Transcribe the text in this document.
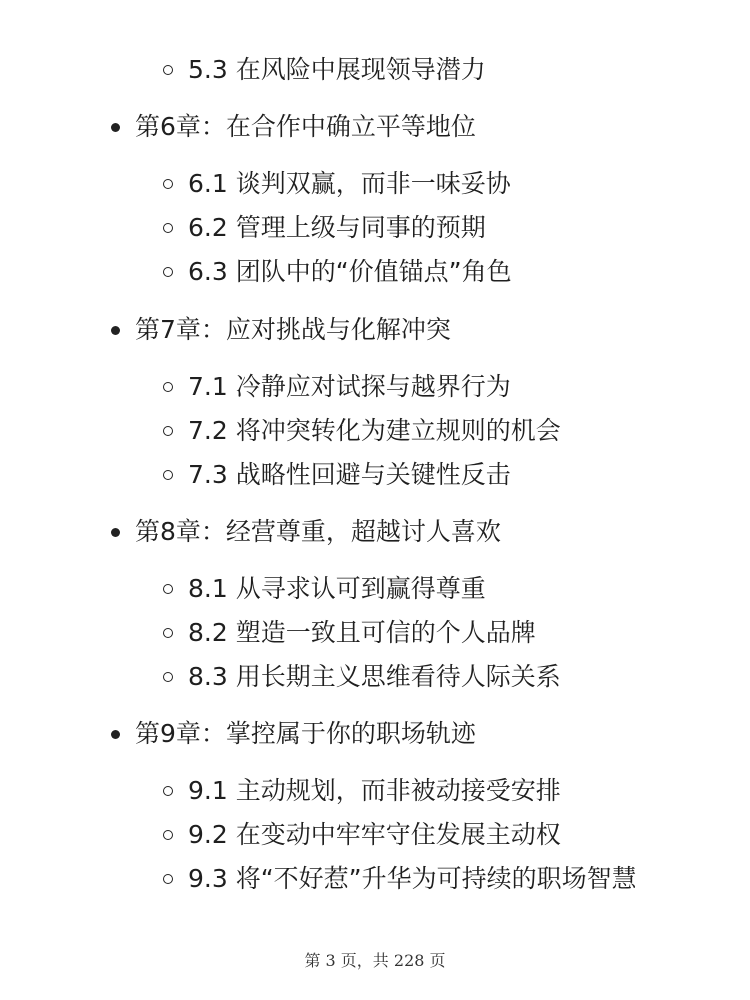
5.3 在风险中展现领导潜力
第6章：在合作中确立平等地位
6.1 谈判双赢，而非一味妥协
6.2 管理上级与同事的预期
6.3 团队中的“价值锚点”角色
第7章：应对挑战与化解冲突
7.1 冷静应对试探与越界行为
7.2 将冲突转化为建立规则的机会
7.3 战略性回避与关键性反击
第8章：经营尊重，超越讨人喜欢
8.1 从寻求认可到赢得尊重
8.2 塑造一致且可信的个人品牌
8.3 用长期主义思维看待人际关系
第9章：掌控属于你的职场轨迹
9.1 主动规划，而非被动接受安排
9.2 在变动中牢牢守住发展主动权
9.3 将“不好惹”升华为可持续的职场智慧
第 3 页，共 228 页
